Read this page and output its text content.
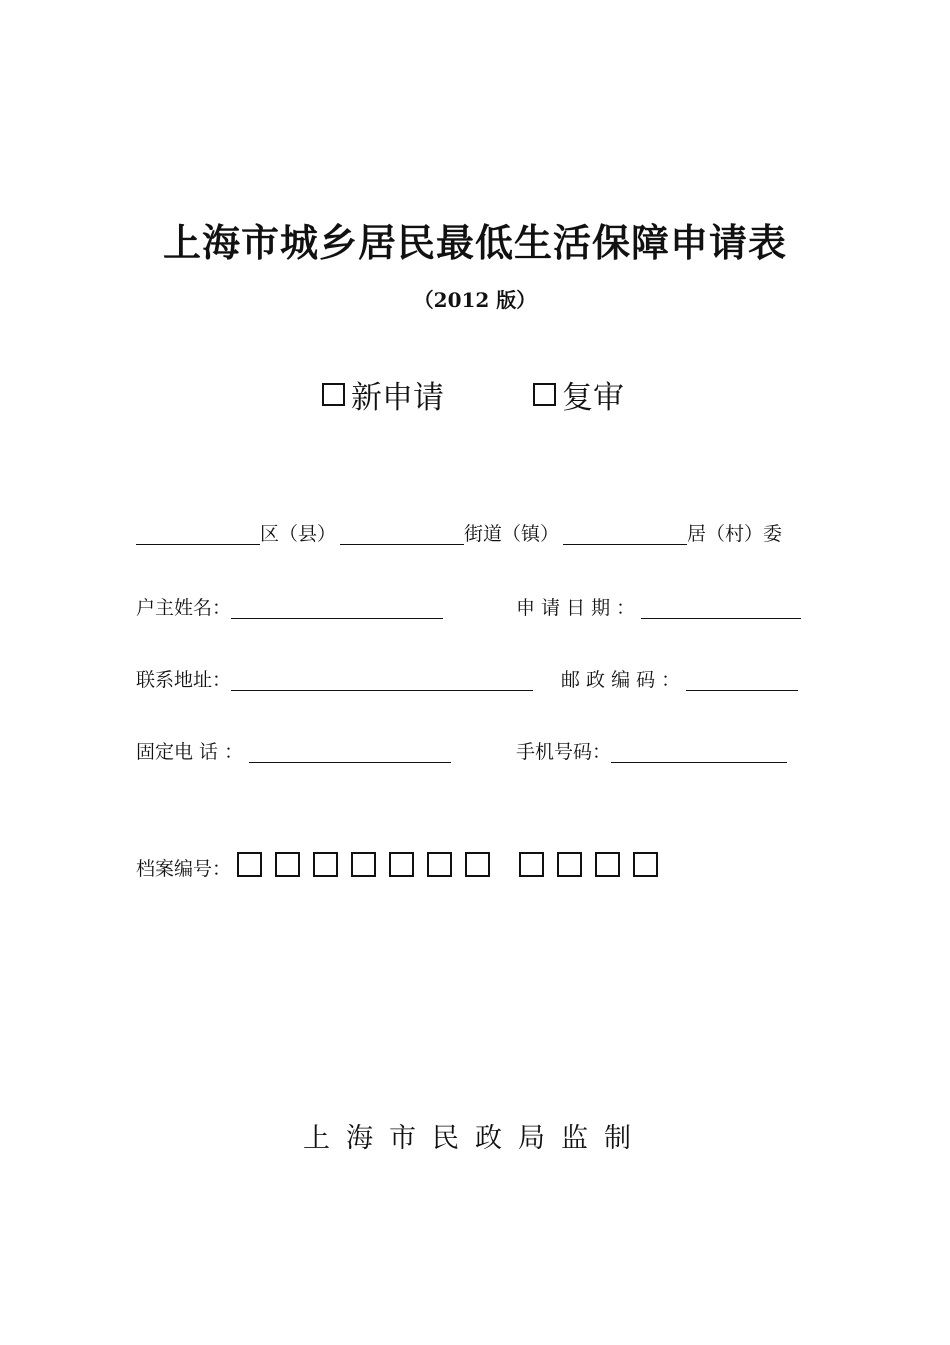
上海市城乡居民最低生活保障申请表
（2012 版）
新申请	复审
区（县）	街道（镇）	居（村）委
户主姓名：	申 请 日 期 ：
联系地址：	邮 政 编 码 ：
固定电 话 ：	手机号码：
档案编号：
上海市民政局监制
